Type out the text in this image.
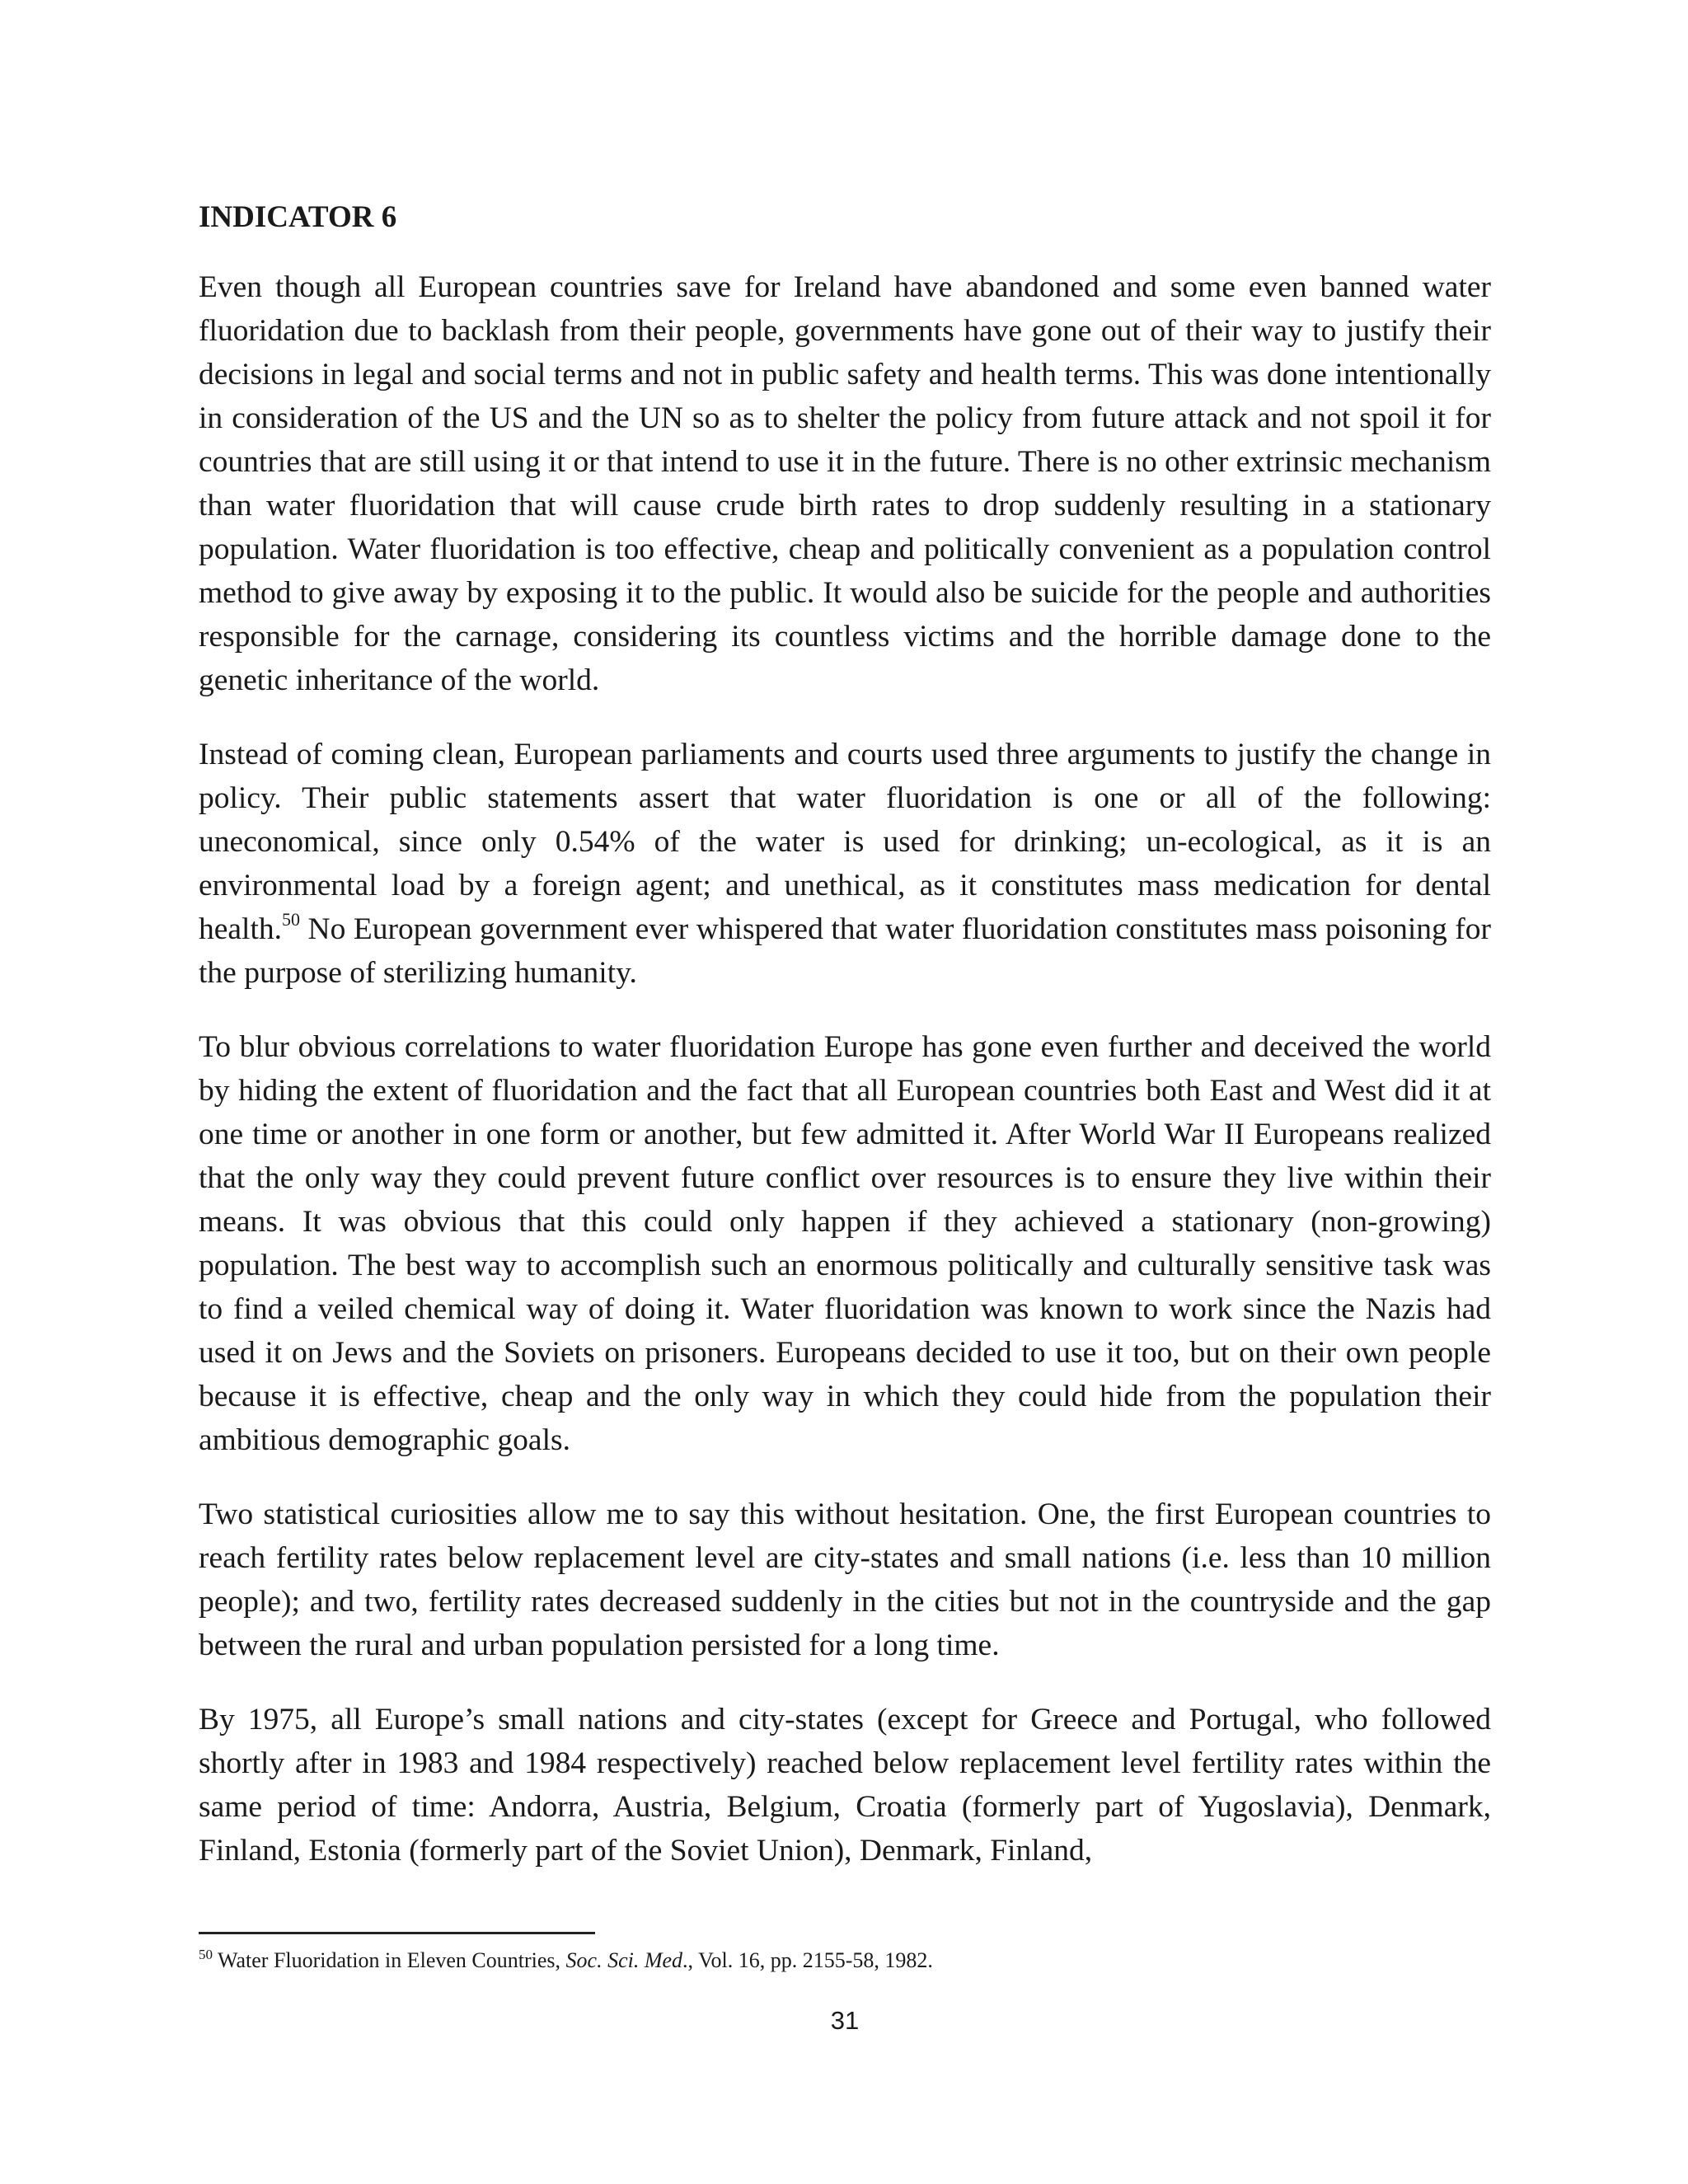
INDICATOR 6

Even though all European countries save for Ireland have abandoned and some even banned water fluoridation due to backlash from their people, governments have gone out of their way to justify their decisions in legal and social terms and not in public safety and health terms. This was done intentionally in consideration of the US and the UN so as to shelter the policy from future attack and not spoil it for countries that are still using it or that intend to use it in the future. There is no other extrinsic mechanism than water fluoridation that will cause crude birth rates to drop suddenly resulting in a stationary population. Water fluoridation is too effective, cheap and politically convenient as a population control method to give away by exposing it to the public. It would also be suicide for the people and authorities responsible for the carnage, considering its countless victims and the horrible damage done to the genetic inheritance of the world.

Instead of coming clean, European parliaments and courts used three arguments to justify the change in policy. Their public statements assert that water fluoridation is one or all of the following: uneconomical, since only 0.54% of the water is used for drinking; un-ecological, as it is an environmental load by a foreign agent; and unethical, as it constitutes mass medication for dental health.$^{50}$ No European government ever whispered that water fluoridation constitutes mass poisoning for the purpose of sterilizing humanity.

To blur obvious correlations to water fluoridation Europe has gone even further and deceived the world by hiding the extent of fluoridation and the fact that all European countries both East and West did it at one time or another in one form or another, but few admitted it. After World War II Europeans realized that the only way they could prevent future conflict over resources is to ensure they live within their means. It was obvious that this could only happen if they achieved a stationary (non-growing) population. The best way to accomplish such an enormous politically and culturally sensitive task was to find a veiled chemical way of doing it. Water fluoridation was known to work since the Nazis had used it on Jews and the Soviets on prisoners. Europeans decided to use it too, but on their own people because it is effective, cheap and the only way in which they could hide from the population their ambitious demographic goals.

Two statistical curiosities allow me to say this without hesitation. One, the first European countries to reach fertility rates below replacement level are city-states and small nations (i.e. less than 10 million people); and two, fertility rates decreased suddenly in the cities but not in the countryside and the gap between the rural and urban population persisted for a long time.

By 1975, all Europe’s small nations and city-states (except for Greece and Portugal, who followed shortly after in 1983 and 1984 respectively) reached below replacement level fertility rates within the same period of time: Andorra, Austria, Belgium, Croatia (formerly part of Yugoslavia), Denmark, Finland, Estonia (formerly part of the Soviet Union), Denmark, Finland,

$^{50}$ Water Fluoridation in Eleven Countries, Soc. Sci. Med., Vol. 16, pp. 2155-58, 1982.
31
